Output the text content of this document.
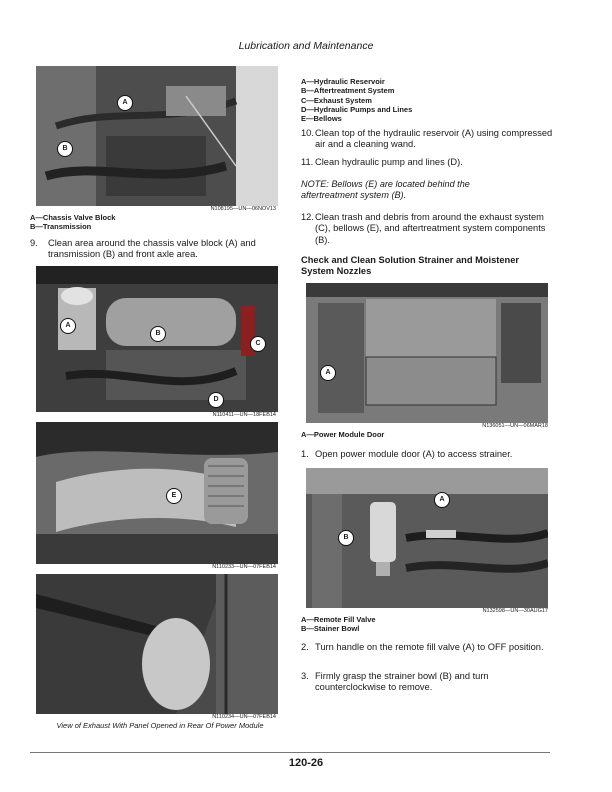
Lubrication and Maintenance
A
B
N108195—UN—06NOV13
A—Chassis Valve Block
B—Transmission
9.	Clean area around the chassis valve block (A) and transmission (B) and front axle area.
A
B
C
D
N110411—UN—18FEB14
E
N110233—UN—07FEB14
N110234—UN—07FEB14
View of Exhaust With Panel Opened in Rear Of Power Module
A—Hydraulic Reservoir
B—Aftertreatment System
C—Exhaust System
D—Hydraulic Pumps and Lines
E—Bellows
10. Clean top of the hydraulic reservoir (A) using compressed air and a cleaning wand.
11. Clean hydraulic pump and lines (D).
NOTE: Bellows (E) are located behind the aftertreatment system (B).
12. Clean trash and debris from around the exhaust system (C), bellows (E), and aftertreatment system components (B).
Check and Clean Solution Strainer and Moistener System Nozzles
A
N136051—UN—06MAR18
A—Power Module Door
1. Open power module door (A) to access strainer.
A
B
N132598—UN—30AUG17
A—Remote Fill Valve
B—Stainer Bowl
2. Turn handle on the remote fill valve (A) to OFF position.
3. Firmly grasp the strainer bowl (B) and turn counterclockwise to remove.
120-26
